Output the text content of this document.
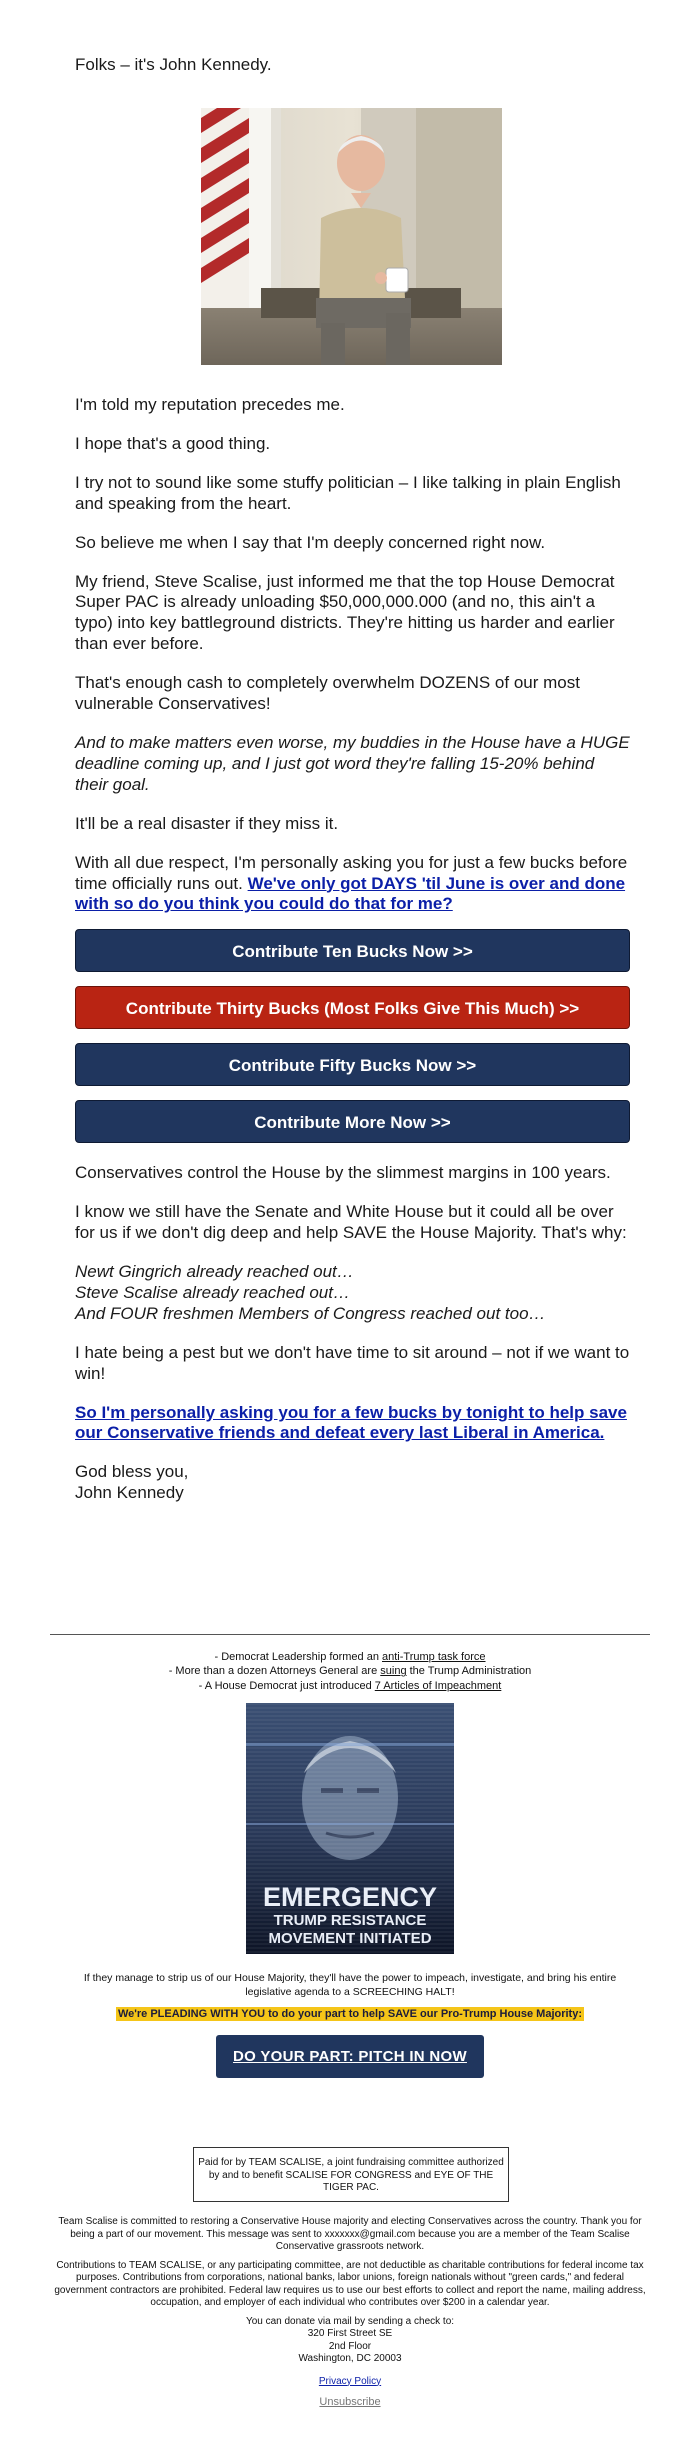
Folks – it's John Kennedy.

I'm told my reputation precedes me.

I hope that's a good thing.

I try not to sound like some stuffy politician – I like talking in plain English and speaking from the heart.

So believe me when I say that I'm deeply concerned right now.

My friend, Steve Scalise, just informed me that the top House Democrat Super PAC is already unloading $50,000,000.000 (and no, this ain't a typo) into key battleground districts. They're hitting us harder and earlier than ever before.

That's enough cash to completely overwhelm DOZENS of our most vulnerable Conservatives!

And to make matters even worse, my buddies in the House have a HUGE deadline coming up, and I just got word they're falling 15-20% behind their goal.

It'll be a real disaster if they miss it.

With all due respect, I'm personally asking you for just a few bucks before time officially runs out. We've only got DAYS 'til June is over and done with so do you think you could do that for me?

Contribute Ten Bucks Now >>
Contribute Thirty Bucks (Most Folks Give This Much) >>
Contribute Fifty Bucks Now >>
Contribute More Now >>

Conservatives control the House by the slimmest margins in 100 years.

I know we still have the Senate and White House but it could all be over for us if we don't dig deep and help SAVE the House Majority. That's why:

Newt Gingrich already reached out…

Steve Scalise already reached out…

And FOUR freshmen Members of Congress reached out too…

I hate being a pest but we don't have time to sit around – not if we want to win!

So I'm personally asking you for a few bucks by tonight to help save our Conservative friends and defeat every last Liberal in America.

God bless you,

John Kennedy

- Democrat Leadership formed an anti-Trump task force
- More than a dozen Attorneys General are suing the Trump Administration
- A House Democrat just introduced 7 Articles of Impeachment
EMERGENCY
TRUMP RESISTANCE
MOVEMENT INITIATED
If they manage to strip us of our House Majority, they'll have the power to impeach, investigate, and bring his entire legislative agenda to a SCREECHING HALT!
We're PLEADING WITH YOU to do your part to help SAVE our Pro-Trump House Majority:
DO YOUR PART: PITCH IN NOW
Paid for by TEAM SCALISE, a joint fundraising committee authorized by and to benefit SCALISE FOR CONGRESS and EYE OF THE TIGER PAC.
Team Scalise is committed to restoring a Conservative House majority and electing Conservatives across the country. Thank you for being a part of our movement. This message was sent to xxxxxxx@gmail.com because you are a member of the Team Scalise Conservative grassroots network.
Contributions to TEAM SCALISE, or any participating committee, are not deductible as charitable contributions for federal income tax purposes. Contributions from corporations, national banks, labor unions, foreign nationals without "green cards," and federal government contractors are prohibited. Federal law requires us to use our best efforts to collect and report the name, mailing address, occupation, and employer of each individual who contributes over $200 in a calendar year.
You can donate via mail by sending a check to:
320 First Street SE
2nd Floor
Washington, DC 20003
Privacy Policy
Unsubscribe
